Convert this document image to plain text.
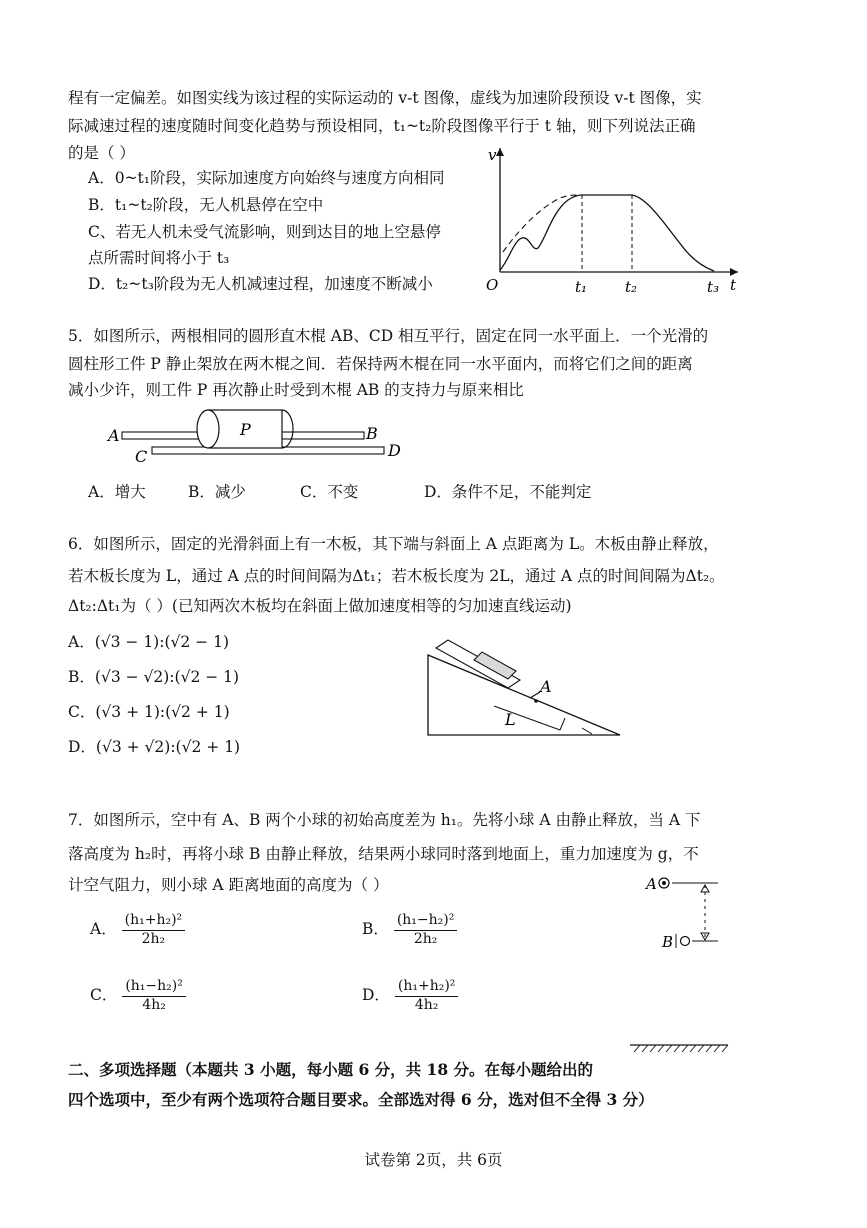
程有一定偏差。如图实线为该过程的实际运动的 v-t 图像，虚线为加速阶段预设 v-t 图像，实
际减速过程的速度随时间变化趋势与预设相同，t₁~t₂阶段图像平行于 t 轴，则下列说法正确
的是（ ）
A．0~t₁阶段，实际加速度方向始终与速度方向相同
B．t₁~t₂阶段，无人机悬停在空中
C、若无人机未受气流影响，则到达目的地上空悬停
点所需时间将小于 t₃
D．t₂~t₃阶段为无人机减速过程，加速度不断减小
v
t
O	t₁	t₂	t₃
5．如图所示，两根相同的圆形直木棍 AB、CD 相互平行，固定在同一水平面上．一个光滑的
圆柱形工件 P 静止架放在两木棍之间．若保持两木棍在同一水平面内，而将它们之间的距离
减小少许，则工件 P 再次静止时受到木棍 AB 的支持力与原来相比
A	B
C	D
P
A．增大	B．减少	C．不变	D．条件不足，不能判定
6．如图所示，固定的光滑斜面上有一木板，其下端与斜面上 A 点距离为 L。木板由静止释放，
若木板长度为 L，通过 A 点的时间间隔为Δt₁；若木板长度为 2L，通过 A 点的时间间隔为Δt₂。
Δt₂:Δt₁为（ ）(已知两次木板均在斜面上做加速度相等的匀加速直线运动)
A．(√3 − 1):(√2 − 1)
B．(√3 − √2):(√2 − 1)
C．(√3 + 1):(√2 + 1)
D．(√3 + √2):(√2 + 1)
A
L
7．如图所示，空中有 A、B 两个小球的初始高度差为 h₁。先将小球 A 由静止释放，当 A 下
落高度为 h₂时，再将小球 B 由静止释放，结果两小球同时落到地面上，重力加速度为 g，不
计空气阻力，则小球 A 距离地面的高度为（ ）
A． $\frac{\text{(h₁+h₂)²}}{\text{2h₂}}$	B． $\frac{\text{(h₁−h₂)²}}{\text{2h₂}}$
C． $\frac{\text{(h₁−h₂)²}}{\text{4h₂}}$	D． $\frac{\text{(h₁+h₂)²}}{\text{4h₂}}$
A
B
二、多项选择题（本题共 3 小题，每小题 6 分，共 18 分。在每小题给出的
四个选项中，至少有两个选项符合题目要求。全部选对得 6 分，选对但不全得 3 分）
试卷第 2页，共 6页
